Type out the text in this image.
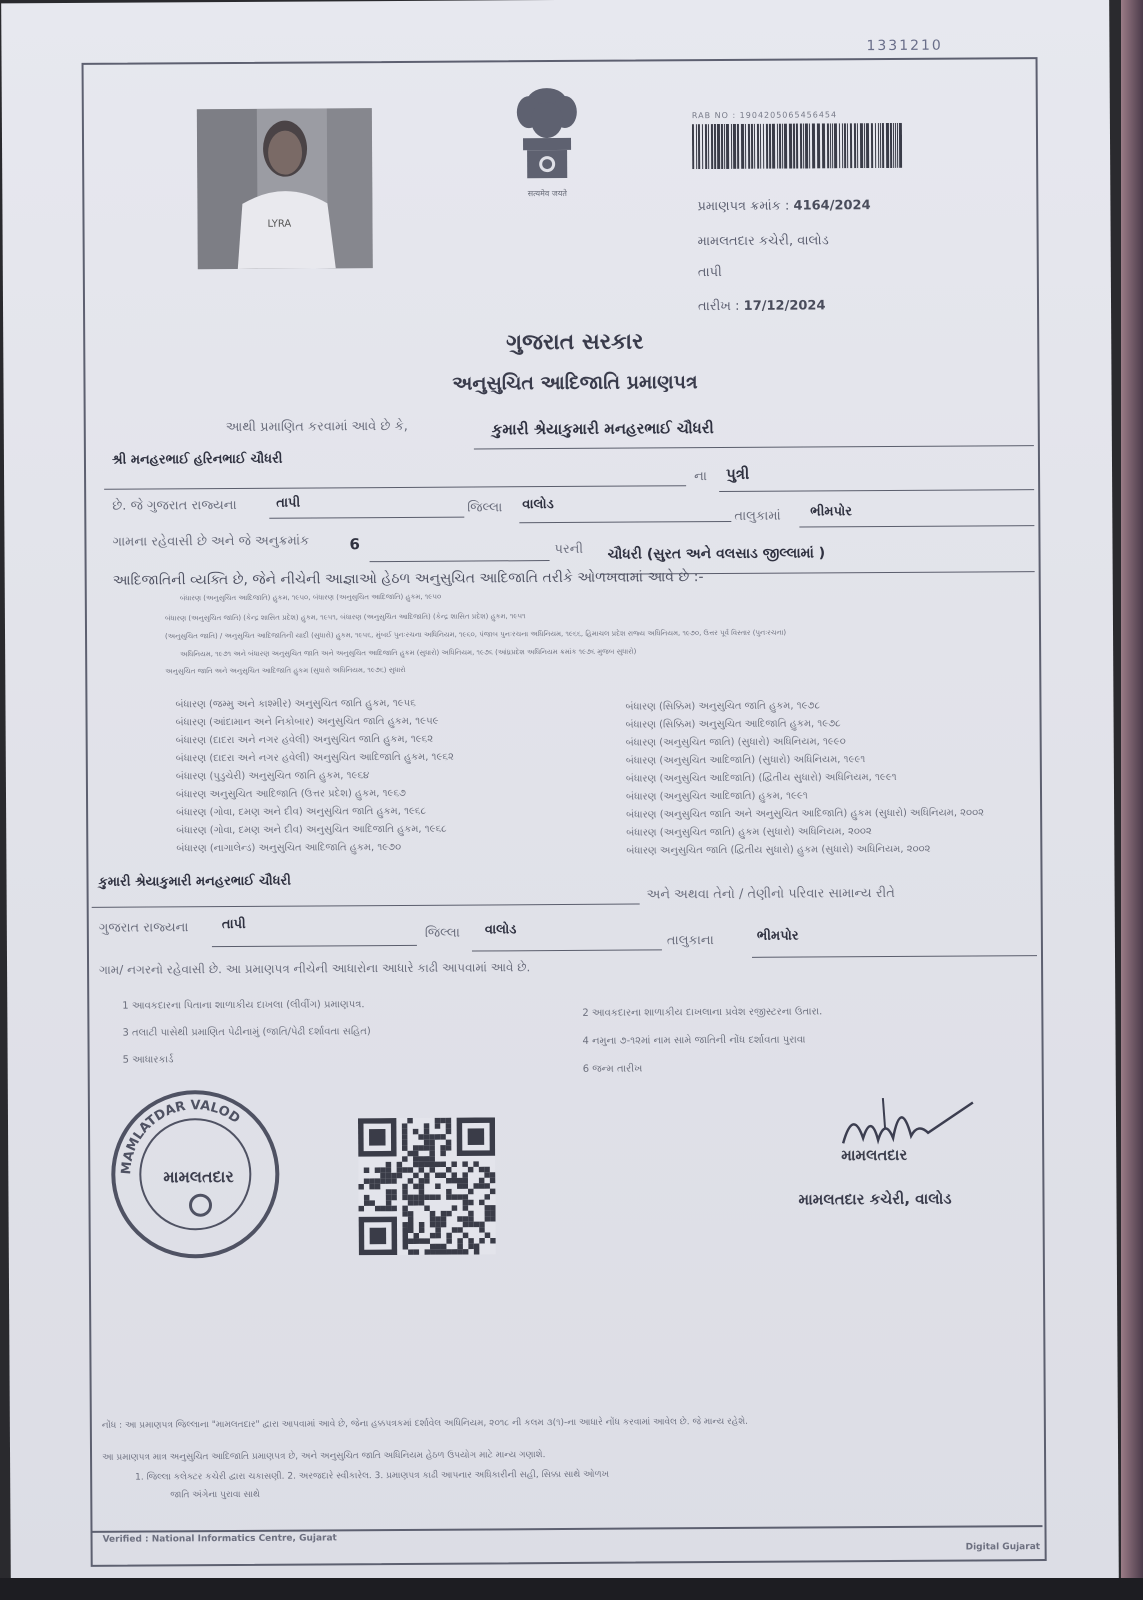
1331210
LYRA
सत्यमेव जयते
RAB NO : 1904205065456454
પ્રમાણપત્ર ક્રમાંક : 4164/2024
મામલતદાર કચેરી, વાલોડ
તાપી
તારીખ : 17/12/2024
ગુજરાત સરકાર
અનુસુચિત આદિજાતિ પ્રમાણપત્ર
આથી પ્રમાણિત કરવામાં આવે છે કે,	કુમારી શ્રેયાકુમારી મનહરભાઈ ચૌધરી
શ્રી મનહરભાઈ હરિનભાઈ ચૌધરી
ના પુત્રી
છે. જે ગુજરાત રાજ્યના	તાપી	જિલ્લા વાલોડ
તાલુકામાં ભીમપોર
ગામના રહેવાસી છે અને જે અનુક્રમાંક	6	પરની ચૌધરી (સુરત અને વલસાડ જીલ્લામાં )
આદિજાતિની વ્યક્તિ છે, જેને નીચેની આજ્ઞાઓ હેઠળ અનુસુચિત આદિજાતિ તરીકે ઓળખવામાં આવે છે :-
બંધારણ (અનુસુચિત આદિજાતિ) હુકમ, ૧૯૫૦, બંધારણ (અનુસુચિત આદિજાતિ) હુકમ, ૧૯૫૦
બંધારણ (અનુસુચિત જાતિ) (કેન્દ્ર શાસિત પ્રદેશ) હુકમ, ૧૯૫૧, બંધારણ (અનુસુચિત આદિજાતિ) (કેન્દ્ર શાસિત પ્રદેશ) હુકમ, ૧૯૫૧
(અનુસુચિત જાતિ) / અનુસુચિત આદિજાતિની યાદી (સુધારો) હુકમ, ૧૯૫૬, મુંબઈ પુનઃરચના અધિનિયમ, ૧૯૬૦, પંજાબ પુનઃરચના અધિનિયમ, ૧૯૬૬, હિમાચલ પ્રદેશ રાજ્ય અધિનિયમ, ૧૯૭૦, ઉત્તર પૂર્વ વિસ્તાર (પુનઃરચના)
અધિનિયમ, ૧૯૭૧ અને બંધારણ અનુસુચિત જાતિ અને અનુસુચિત આદિજાતિ હુકમ (સુધારો) અધિનિયમ, ૧૯૭૬ (આંધ્રપ્રદેશ અધિનિયમ ક્રમાંક ૧૯૭૬ મુજબ સુધારો)
અનુસુચિત જાતિ અને અનુસુચિત આદિજાતિ હુકમ (સુધારો અધિનિયમ, ૧૯૭૬) સુધારો
બંધારણ (જમ્મુ અને કાશ્મીર) અનુસુચિત જાતિ હુકમ, ૧૯૫૬
બંધારણ (આંદામાન અને નિકોબાર) અનુસુચિત જાતિ હુકમ, ૧૯૫૯
બંધારણ (દાદરા અને નગર હવેલી) અનુસુચિત જાતિ હુકમ, ૧૯૬૨
બંધારણ (દાદરા અને નગર હવેલી) અનુસુચિત આદિજાતિ હુકમ, ૧૯૬૨
બંધારણ (પુડુચેરી) અનુસુચિત જાતિ હુકમ, ૧૯૬૪
બંધારણ અનુસુચિત આદિજાતિ (ઉત્તર પ્રદેશ) હુકમ, ૧૯૬૭
બંધારણ (ગોવા, દમણ અને દીવ) અનુસુચિત જાતિ હુકમ, ૧૯૬૮
બંધારણ (ગોવા, દમણ અને દીવ) અનુસુચિત આદિજાતિ હુકમ, ૧૯૬૮
બંધારણ (નાગાલેન્ડ) અનુસુચિત આદિજાતિ હુકમ, ૧૯૭૦
બંધારણ (સિક્કિમ) અનુસુચિત જાતિ હુકમ, ૧૯૭૮
બંધારણ (સિક્કિમ) અનુસુચિત આદિજાતિ હુકમ, ૧૯૭૮
બંધારણ (અનુસુચિત જાતિ) (સુધારો) અધિનિયમ, ૧૯૯૦
બંધારણ (અનુસુચિત આદિજાતિ) (સુધારો) અધિનિયમ, ૧૯૯૧
બંધારણ (અનુસુચિત આદિજાતિ) (દ્વિતીય સુધારો) અધિનિયમ, ૧૯૯૧
બંધારણ (અનુસુચિત આદિજાતિ) હુકમ, ૧૯૯૧
બંધારણ (અનુસુચિત જાતિ અને અનુસુચિત આદિજાતિ) હુકમ (સુધારો) અધિનિયમ, ૨૦૦૨
બંધારણ (અનુસુચિત જાતિ) હુકમ (સુધારો) અધિનિયમ, ૨૦૦૨
બંધારણ અનુસુચિત જાતિ (દ્વિતીય સુધારો) હુકમ (સુધારો) અધિનિયમ, ૨૦૦૨
કુમારી શ્રેયાકુમારી મનહરભાઈ ચૌધરી
અને અથવા તેનો / તેણીનો પરિવાર સામાન્ય રીતે
ગુજરાત રાજ્યના	તાપી
જિલ્લા વાલોડ
તાલુકાના	ભીમપોર
ગામ/ નગરનો રહેવાસી છે. આ પ્રમાણપત્ર નીચેની આધારોના આધારે કાઢી આપવામાં આવે છે.
1 આવકદારના પિતાના શાળાકીય દાખલા (લીવીંગ) પ્રમાણપત્ર.
2 આવકદારના શાળાકીય દાખલાના પ્રવેશ રજીસ્ટરના ઉતારા.
3 તલાટી પાસેથી પ્રમાણિત પેઢીનામું (જાતિ/પેઢી દર્શાવતા સહિત)
4 નમુના ૭-૧૨માં નામ સામે જાતિની નોંધ દર્શાવતા પુરાવા
5 આધારકાર્ડ
6 જન્મ તારીખ
MAMLATDAR VALOD
મામલતદાર
મામલતદાર
મામલતદાર કચેરી, વાલોડ
નોંધ : આ પ્રમાણપત્ર જિલ્લાના "મામલતદાર" દ્વારા આપવામાં આવે છે, જેના હક્કપત્રકમાં દર્શાવેલ અધિનિયમ, ૨૦૧૮ ની કલમ ૩(૧)-ના આધારે નોંધ કરવામાં આવેલ છે. જે માન્ય રહેશે.
આ પ્રમાણપત્ર માત્ર અનુસુચિત આદિજાતિ પ્રમાણપત્ર છે, અને અનુસુચિત જાતિ અધિનિયમ હેઠળ ઉપયોગ માટે માન્ય ગણાશે.
1. જિલ્લા કલેક્ટર કચેરી દ્વારા ચકાસણી. 2. અરજદારે સ્વીકારેલ. 3. પ્રમાણપત્ર કાઢી આપનાર અધિકારીની સહી, સિક્કા સાથે ઓળખ
જાતિ અંગેના પુરાવા સાથે
Verified : National Informatics Centre, Gujarat
Digital Gujarat
